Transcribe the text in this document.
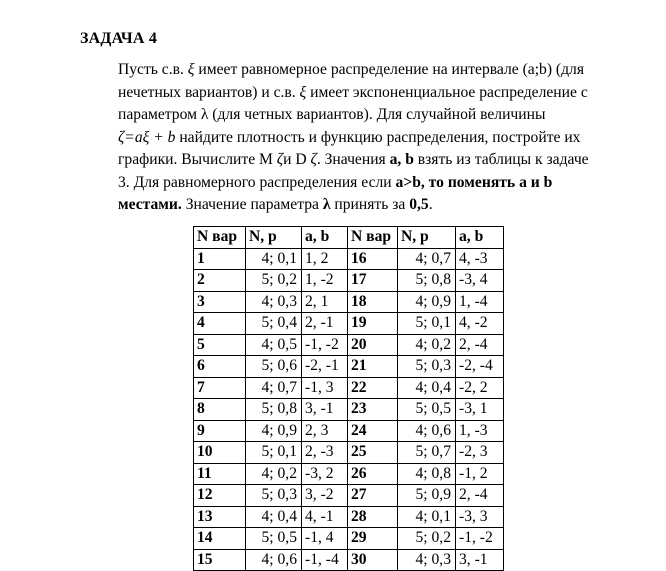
ЗАДАЧА 4
Пусть с.в. ξ имеет равномерное распределение на интервале (a;b) (для
нечетных вариантов) и с.в. ξ имеет экспоненциальное распределение с
параметром λ (для четных вариантов). Для случайной величины
ζ=aξ + b найдите плотность и функцию распределения, постройте их
графики. Вычислите M ζи D ζ. Значения a, b взять из таблицы к задаче
3. Для равномерного распределения если a>b, то поменять a и b
местами. Значение параметра λ принять за 0,5.
N вар	N, p	a, b	N вар	N, p	a, b
1	4; 0,1	1, 2	16	4; 0,7	4, -3
2	5; 0,2	1, -2	17	5; 0,8	-3, 4
3	4; 0,3	2, 1	18	4; 0,9	1, -4
4	5; 0,4	2, -1	19	5; 0,1	4, -2
5	4; 0,5	-1, -2	20	4; 0,2	2, -4
6	5; 0,6	-2, -1	21	5; 0,3	-2, -4
7	4; 0,7	-1, 3	22	4; 0,4	-2, 2
8	5; 0,8	3, -1	23	5; 0,5	-3, 1
9	4; 0,9	2, 3	24	4; 0,6	1, -3
10	5; 0,1	2, -3	25	5; 0,7	-2, 3
11	4; 0,2	-3, 2	26	4; 0,8	-1, 2
12	5; 0,3	3, -2	27	5; 0,9	2, -4
13	4; 0,4	4, -1	28	4; 0,1	-3, 3
14	5; 0,5	-1, 4	29	5; 0,2	-1, -2
15	4; 0,6	-1, -4	30	4; 0,3	3, -1
